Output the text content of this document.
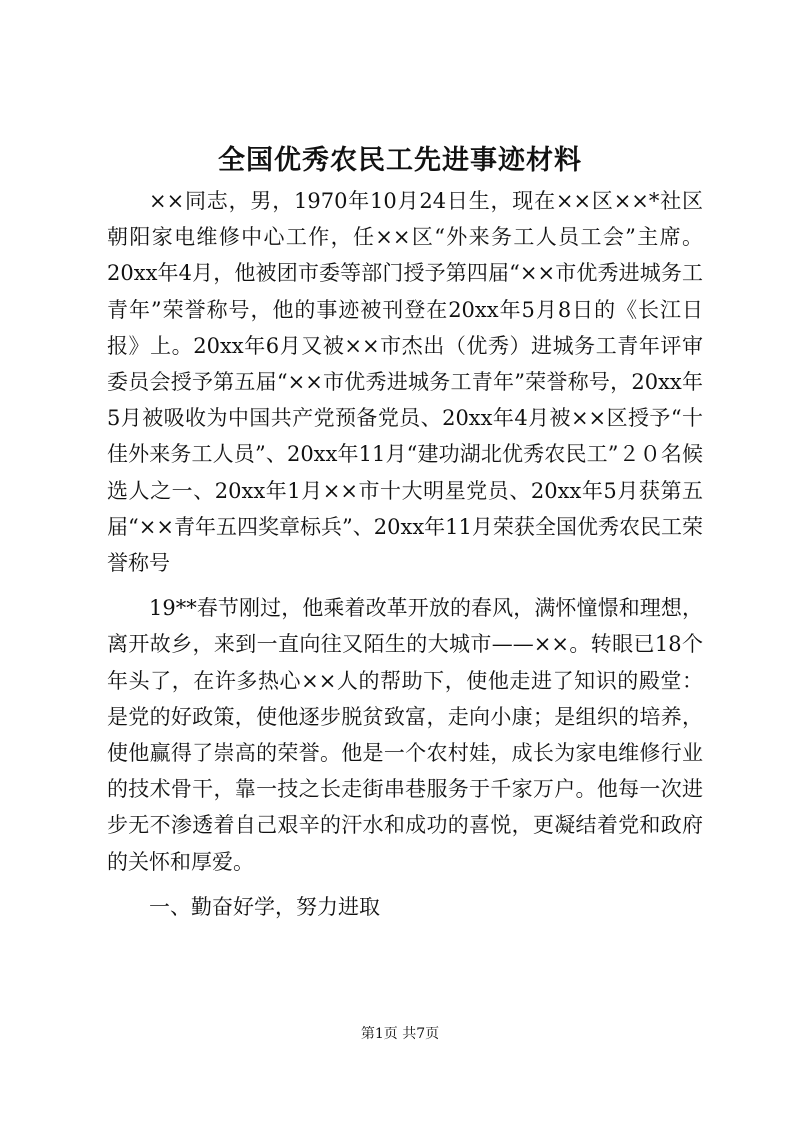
全国优秀农民工先进事迹材料

××同志，男，1970年10月24日生，现在××区××*社区朝阳家电维修中心工作，任××区“外来务工人员工会”主席。20xx年4月，他被团市委等部门授予第四届“××市优秀进城务工青年”荣誉称号，他的事迹被刊登在20xx年5月8日的《长江日报》上。20xx年6月又被××市杰出（优秀）进城务工青年评审委员会授予第五届“××市优秀进城务工青年”荣誉称号，20xx年5月被吸收为中国共产党预备党员、20xx年4月被××区授予“十佳外来务工人员”、20xx年11月“建功湖北优秀农民工”２０名候选人之一、20xx年1月××市十大明星党员、20xx年5月获第五届“××青年五四奖章标兵”、20xx年11月荣获全国优秀农民工荣誉称号

19**春节刚过，他乘着改革开放的春风，满怀憧憬和理想，离开故乡，来到一直向往又陌生的大城市——××。转眼已18个年头了，在许多热心××人的帮助下，使他走进了知识的殿堂：是党的好政策，使他逐步脱贫致富，走向小康；是组织的培养，使他赢得了崇高的荣誉。他是一个农村娃，成长为家电维修行业的技术骨干，靠一技之长走街串巷服务于千家万户。他每一次进步无不渗透着自己艰辛的汗水和成功的喜悦，更凝结着党和政府的关怀和厚爱。

一、勤奋好学，努力进取

第1页 共7页
